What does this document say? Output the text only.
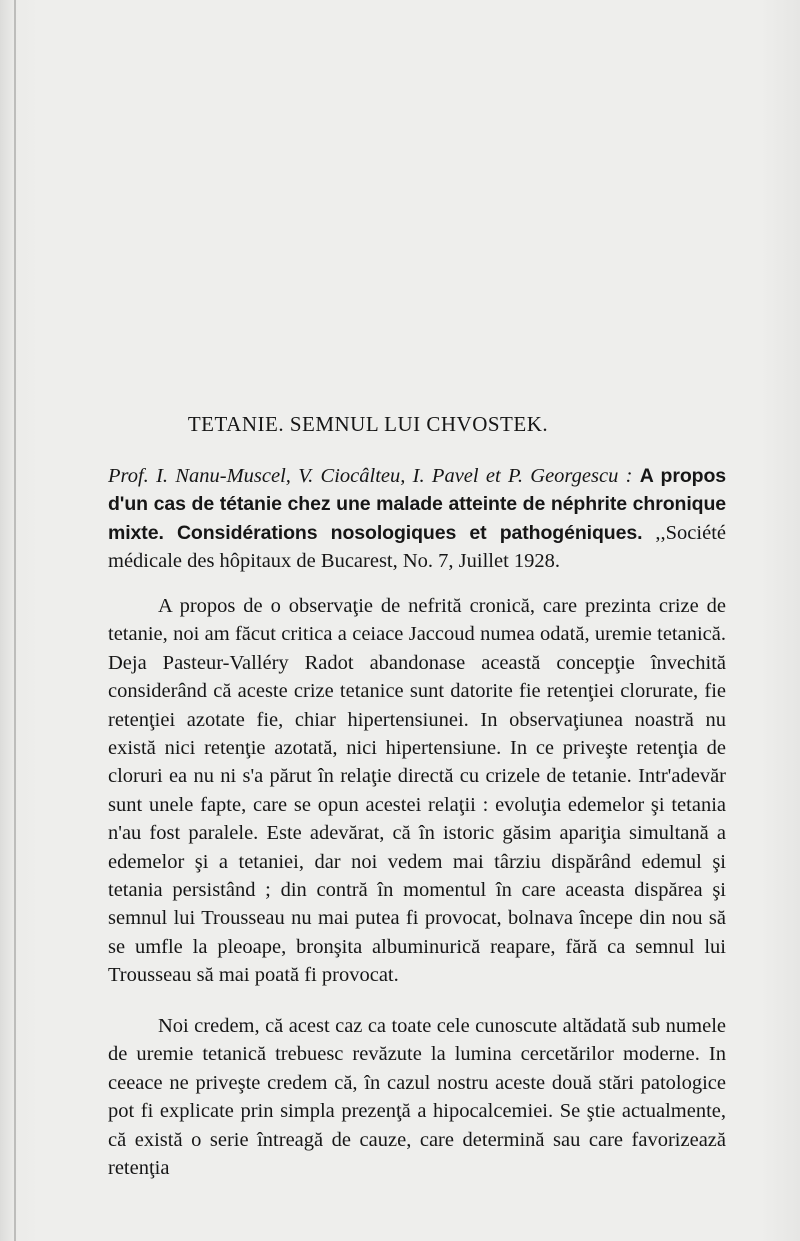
TETANIE. SEMNUL LUI CHVOSTEK.

Prof. I. Nanu-Muscel, V. Ciocâlteu, I. Pavel et P. Georgescu : A propos d'un cas de tétanie chez une malade atteinte de néphrite chronique mixte. Considérations nosologiques et pathogéniques. ,,Société médicale des hôpitaux de Bucarest, No. 7, Juillet 1928.

A propos de o observaţie de nefrită cronică, care prezinta crize de tetanie, noi am făcut critica a ceiace Jaccoud numea odată, uremie tetanică. Deja Pasteur-Valléry Radot abandonase această concepţie învechită considerând că aceste crize tetanice sunt datorite fie retenţiei clorurate, fie retenţiei azotate fie, chiar hipertensiunei. In observaţiunea noastră nu există nici retenţie azotată, nici hipertensiune. In ce priveşte retenţia de cloruri ea nu ni s'a părut în relaţie directă cu crizele de tetanie. Intr'adevăr sunt unele fapte, care se opun acestei relaţii : evoluţia edemelor şi tetania n'au fost paralele. Este adevărat, că în istoric găsim apariţia simultană a edemelor şi a tetaniei, dar noi vedem mai târziu dispărând edemul şi tetania persistând ; din contră în momentul în care aceasta dispărea şi semnul lui Trousseau nu mai putea fi provocat, bolnava începe din nou să se umfle la pleoape, bronşita albuminurică reapare, fără ca semnul lui Trousseau să mai poată fi provocat.

Noi credem, că acest caz ca toate cele cunoscute altădată sub numele de uremie tetanică trebuesc revăzute la lumina cercetărilor moderne. In ceeace ne priveşte credem că, în cazul nostru aceste două stări patologice pot fi explicate prin simpla prezenţă a hipocalcemiei. Se ştie actualmente, că există o serie întreagă de cauze, care determină sau care favorizează retenţia
